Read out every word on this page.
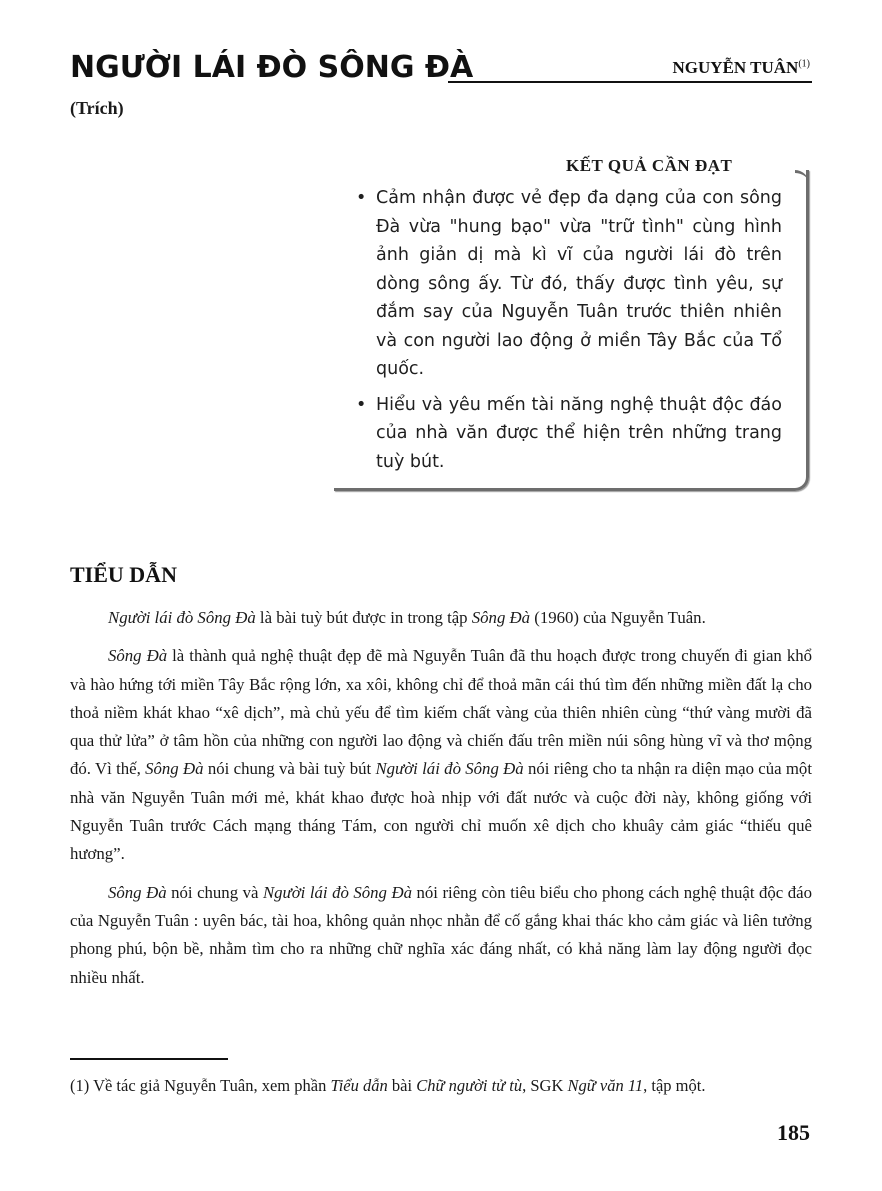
NGƯỜI LÁI ĐÒ SÔNG ĐÀ	NGUYỄN TUÂN$^{(1)}$
(Trích)
KẾT QUẢ CẦN ĐẠT
• Cảm nhận được vẻ đẹp đa dạng của con sông Đà vừa "hung bạo" vừa "trữ tình" cùng hình ảnh giản dị mà kì vĩ của người lái đò trên dòng sông ấy. Từ đó, thấy được tình yêu, sự đắm say của Nguyễn Tuân trước thiên nhiên và con người lao động ở miền Tây Bắc của Tổ quốc.
• Hiểu và yêu mến tài năng nghệ thuật độc đáo của nhà văn được thể hiện trên những trang tuỳ bút.
TIỂU DẪN

Người lái đò Sông Đà là bài tuỳ bút được in trong tập Sông Đà (1960) của Nguyễn Tuân.

Sông Đà là thành quả nghệ thuật đẹp đẽ mà Nguyễn Tuân đã thu hoạch được trong chuyến đi gian khổ và hào hứng tới miền Tây Bắc rộng lớn, xa xôi, không chỉ để thoả mãn cái thú tìm đến những miền đất lạ cho thoả niềm khát khao “xê dịch”, mà chủ yếu để tìm kiếm chất vàng của thiên nhiên cùng “thứ vàng mười đã qua thử lửa” ở tâm hồn của những con người lao động và chiến đấu trên miền núi sông hùng vĩ và thơ mộng đó. Vì thế, Sông Đà nói chung và bài tuỳ bút Người lái đò Sông Đà nói riêng cho ta nhận ra diện mạo của một nhà văn Nguyễn Tuân mới mẻ, khát khao được hoà nhịp với đất nước và cuộc đời này, không giống với Nguyễn Tuân trước Cách mạng tháng Tám, con người chỉ muốn xê dịch cho khuây cảm giác “thiếu quê hương”.

Sông Đà nói chung và Người lái đò Sông Đà nói riêng còn tiêu biểu cho phong cách nghệ thuật độc đáo của Nguyễn Tuân : uyên bác, tài hoa, không quản nhọc nhằn để cố gắng khai thác kho cảm giác và liên tưởng phong phú, bộn bề, nhằm tìm cho ra những chữ nghĩa xác đáng nhất, có khả năng làm lay động người đọc nhiều nhất.

(1) Về tác giả Nguyễn Tuân, xem phần Tiểu dẫn bài Chữ người tử tù, SGK Ngữ văn 11, tập một.
185
